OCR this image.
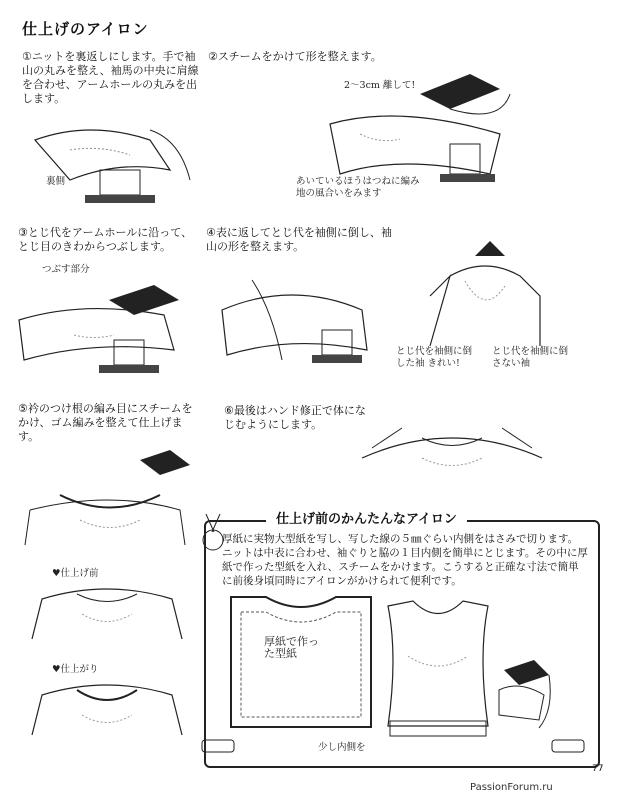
仕上げのアイロン
①ニットを裏返しにします。手で袖山の丸みを整え、袖馬の中央に肩線を合わせ、アームホールの丸みを出します。
裏側
②スチームをかけて形を整えます。
2〜3cm 離して!
あいているほうはつねに編み地の風合いをみます
③とじ代をアームホールに沿って、とじ目のきわからつぶします。
つぶす部分
④表に返してとじ代を袖側に倒し、袖山の形を整えます。
とじ代を袖側に倒した袖 きれい!
とじ代を袖側に倒さない袖
⑤衿のつけ根の編み目にスチームをかけ、ゴム編みを整えて仕上げます。
♥仕上げ前
♥仕上がり
⑥最後はハンド修正で体になじむようにします。
仕上げ前のかんたんなアイロン
厚紙に実物大型紙を写し、写した線の５㎜ぐらい内側をはさみで切ります。ニットは中表に合わせ、袖ぐりと脇の１目内側を簡単にとじます。その中に厚紙で作った型紙を入れ、スチームをかけます。こうすると正確な寸法で簡単に前後身頃同時にアイロンがかけられて便利です。
厚紙で作った型紙
少し内側を
77
PassionForum.ru
